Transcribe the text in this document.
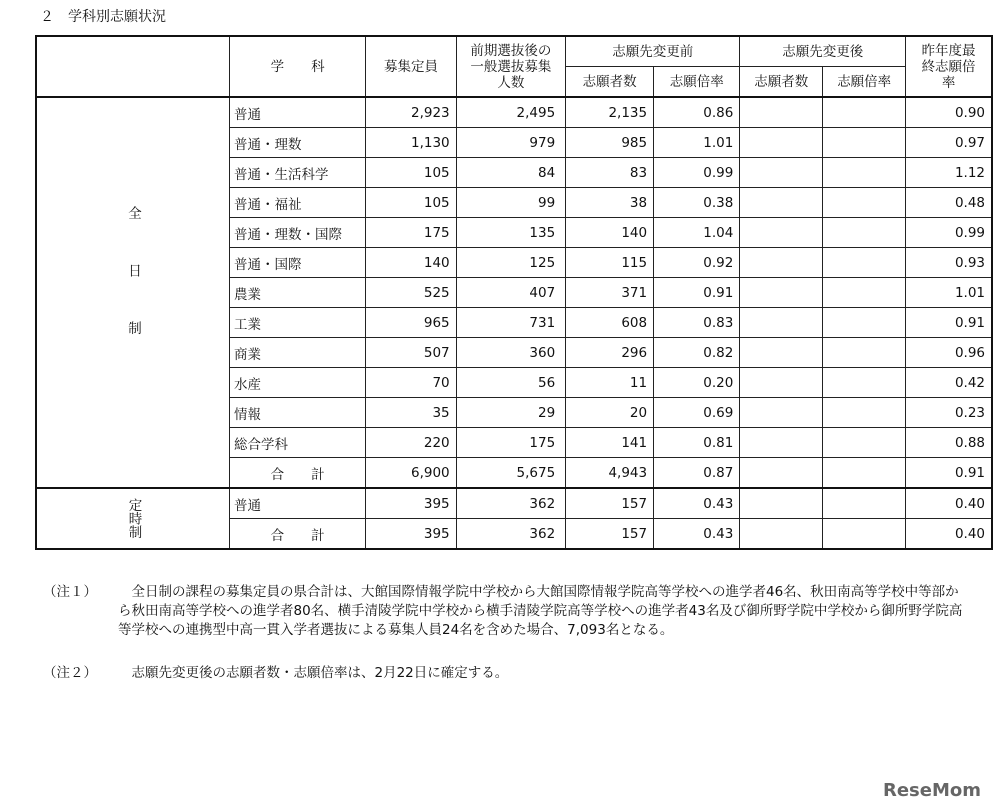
２　学科別志願状況
	学　　科	募集定員	前期選抜後の一般選抜募集人数	志願先変更前		志願先変更後		昨年度最終志願倍率
				志願者数	志願倍率	志願者数	志願倍率	
全日制	普通	2,923	2,495	2,135	0.86			0.90
	普通・理数	1,130	979	985	1.01			0.97
	普通・生活科学	105	84	83	0.99			1.12
	普通・福祉	105	99	38	0.38			0.48
	普通・理数・国際	175	135	140	1.04			0.99
	普通・国際	140	125	115	0.92			0.93
	農業	525	407	371	0.91			1.01
	工業	965	731	608	0.83			0.91
	商業	507	360	296	0.82			0.96
	水産	70	56	11	0.20			0.42
	情報	35	29	20	0.69			0.23
	総合学科	220	175	141	0.81			0.88
	合　　計	6,900	5,675	4,943	0.87			0.91
定時制	普通	395	362	157	0.43			0.40
	合　　計	395	362	157	0.43			0.40
（注１）	全日制の課程の募集定員の県合計は、大館国際情報学院中学校から大館国際情報学院高等学校への進学者46名、秋田南高等学校中等部から秋田南高等学校への進学者80名、横手清陵学院中学校から横手清陵学院高等学校への進学者43名及び御所野学院中学校から御所野学院高等学校への連携型中高一貫入学者選抜による募集人員24名を含めた場合、7,093名となる。
（注２）	志願先変更後の志願者数・志願倍率は、2月22日に確定する。
ReseMom
